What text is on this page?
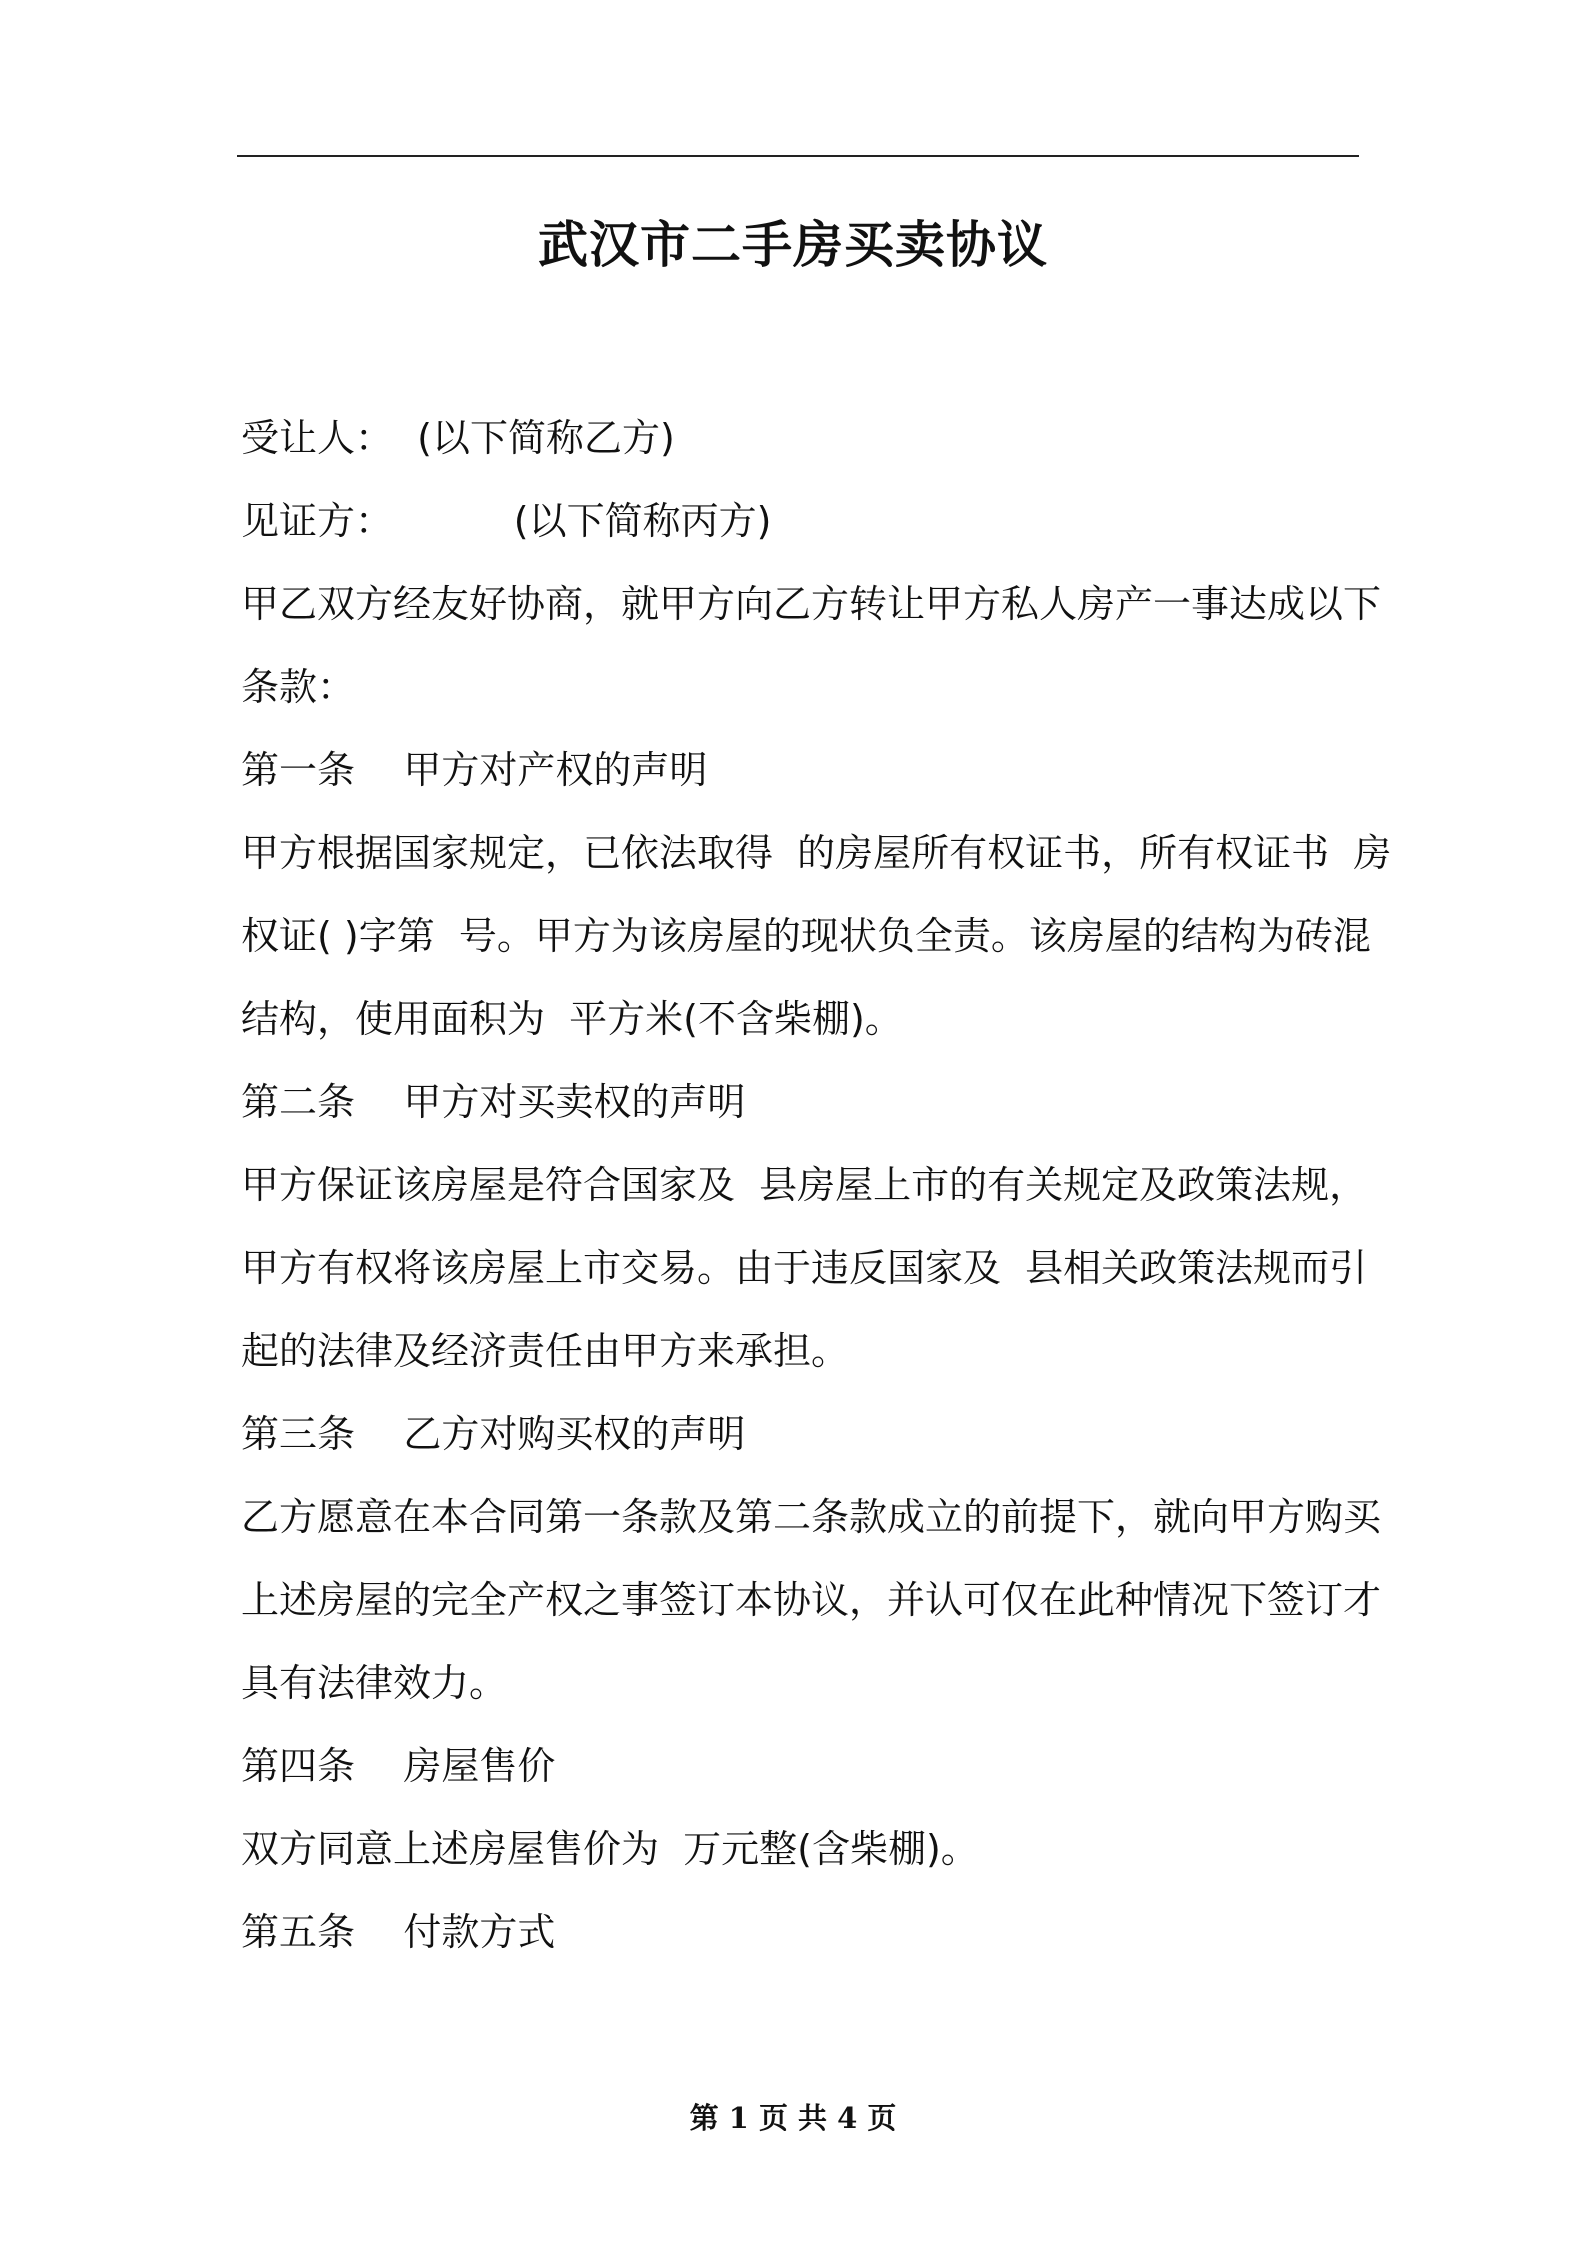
武汉市二手房买卖协议
受让人：  (以下简称乙方)
见证方：          (以下简称丙方)
甲乙双方经友好协商，就甲方向乙方转让甲方私人房产一事达成以下
条款：
第一条    甲方对产权的声明
甲方根据国家规定，已依法取得  的房屋所有权证书，所有权证书  房
权证( )字第  号。甲方为该房屋的现状负全责。该房屋的结构为砖混
结构，使用面积为  平方米(不含柴棚)。
第二条    甲方对买卖权的声明
甲方保证该房屋是符合国家及  县房屋上市的有关规定及政策法规，
甲方有权将该房屋上市交易。由于违反国家及  县相关政策法规而引
起的法律及经济责任由甲方来承担。
第三条    乙方对购买权的声明
乙方愿意在本合同第一条款及第二条款成立的前提下，就向甲方购买
上述房屋的完全产权之事签订本协议，并认可仅在此种情况下签订才
具有法律效力。
第四条    房屋售价
双方同意上述房屋售价为  万元整(含柴棚)。
第五条    付款方式
第 1 页 共 4 页
